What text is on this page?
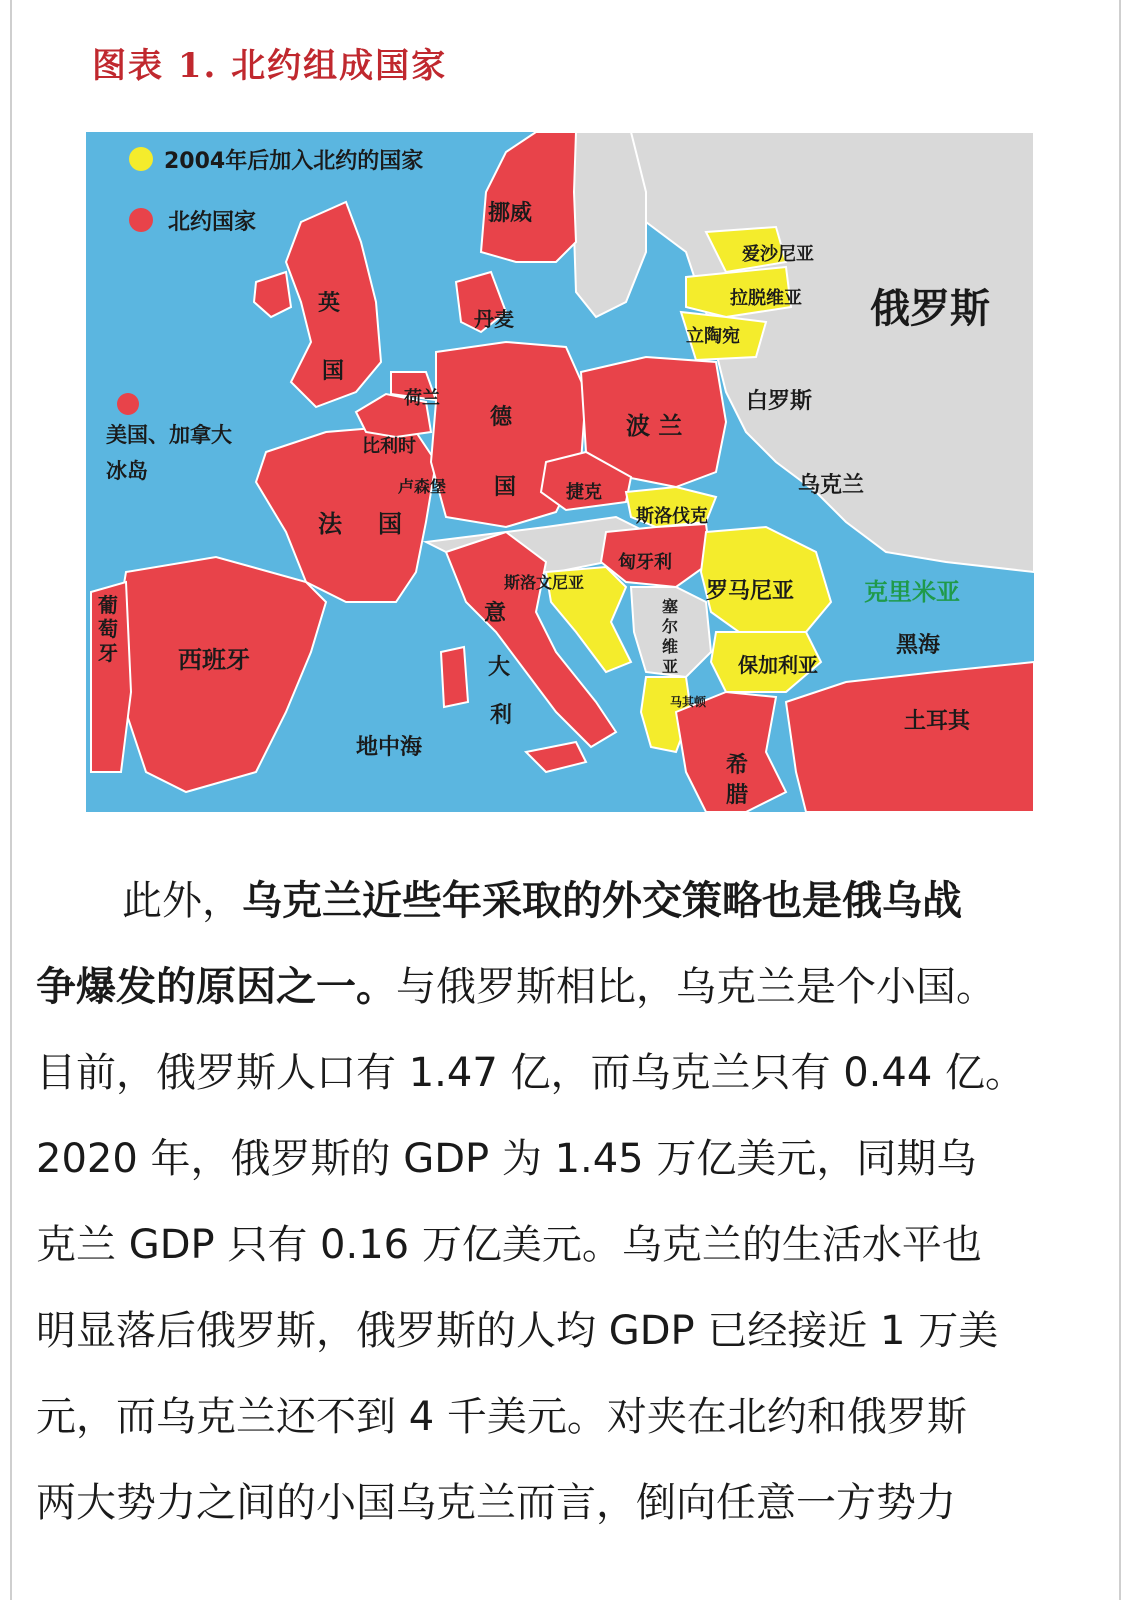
图表 1. 北约组成国家
2004年后加入北约的国家
北约国家
美国、加拿大
冰岛
挪威
英
国
丹麦
荷兰
比利时
卢森堡
德
国
法 国
波 兰
捷克
斯洛伐克
匈牙利
斯洛文尼亚
塞
尔
维
亚
罗马尼亚
保加利亚
马其顿
希
腊
意
大
利
西班牙
葡
萄
牙
土耳其
爱沙尼亚
拉脱维亚
立陶宛
白罗斯
乌克兰
俄罗斯
克里米亚
黑海
地中海
此外，乌克兰近些年采取的外交策略也是俄乌战
争爆发的原因之一。与俄罗斯相比，乌克兰是个小国。
目前，俄罗斯人口有 1.47 亿，而乌克兰只有 0.44 亿。
2020 年，俄罗斯的 GDP 为 1.45 万亿美元，同期乌
克兰 GDP 只有 0.16 万亿美元。乌克兰的生活水平也
明显落后俄罗斯，俄罗斯的人均 GDP 已经接近 1 万美
元，而乌克兰还不到 4 千美元。对夹在北约和俄罗斯
两大势力之间的小国乌克兰而言，倒向任意一方势力
